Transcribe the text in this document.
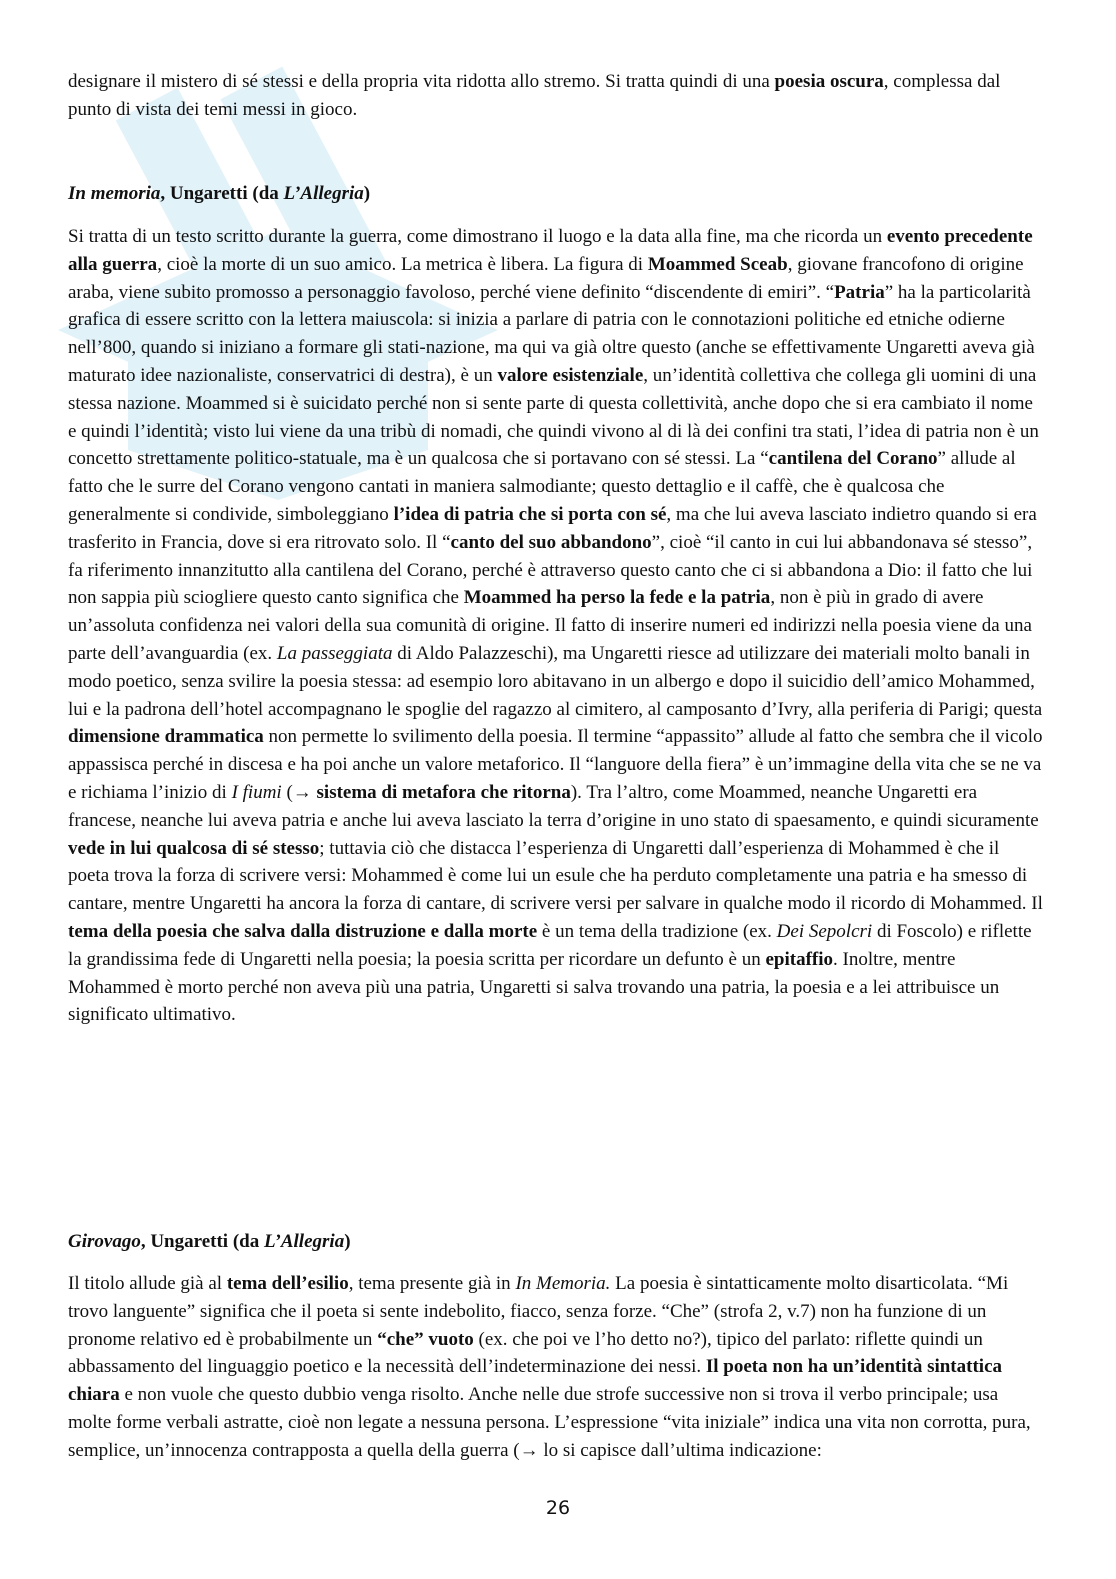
designare il mistero di sé stessi e della propria vita ridotta allo stremo. Si tratta quindi di una poesia oscura, complessa dal punto di vista dei temi messi in gioco.

In memoria, Ungaretti (da L’Allegria)

Si tratta di un testo scritto durante la guerra, come dimostrano il luogo e la data alla fine, ma che ricorda un evento precedente alla guerra, cioè la morte di un suo amico. La metrica è libera. La figura di Moammed Sceab, giovane francofono di origine araba, viene subito promosso a personaggio favoloso, perché viene definito “discendente di emiri”. “Patria” ha la particolarità grafica di essere scritto con la lettera maiuscola: si inizia a parlare di patria con le connotazioni politiche ed etniche odierne nell’800, quando si iniziano a formare gli stati-nazione, ma qui va già oltre questo (anche se effettivamente Ungaretti aveva già maturato idee nazionaliste, conservatrici di destra), è un valore esistenziale, un’identità collettiva che collega gli uomini di una stessa nazione. Moammed si è suicidato perché non si sente parte di questa collettività, anche dopo che si era cambiato il nome e quindi l’identità; visto lui viene da una tribù di nomadi, che quindi vivono al di là dei confini tra stati, l’idea di patria non è un concetto strettamente politico-statuale, ma è un qualcosa che si portavano con sé stessi. La “cantilena del Corano” allude al fatto che le surre del Corano vengono cantati in maniera salmodiante; questo dettaglio e il caffè, che è qualcosa che generalmente si condivide, simboleggiano l’idea di patria che si porta con sé, ma che lui aveva lasciato indietro quando si era trasferito in Francia, dove si era ritrovato solo. Il “canto del suo abbandono”, cioè “il canto in cui lui abbandonava sé stesso”, fa riferimento innanzitutto alla cantilena del Corano, perché è attraverso questo canto che ci si abbandona a Dio: il fatto che lui non sappia più sciogliere questo canto significa che Moammed ha perso la fede e la patria, non è più in grado di avere un’assoluta confidenza nei valori della sua comunità di origine. Il fatto di inserire numeri ed indirizzi nella poesia viene da una parte dell’avanguardia (ex. La passeggiata di Aldo Palazzeschi), ma Ungaretti riesce ad utilizzare dei materiali molto banali in modo poetico, senza svilire la poesia stessa: ad esempio loro abitavano in un albergo e dopo il suicidio dell’amico Mohammed, lui e la padrona dell’hotel accompagnano le spoglie del ragazzo al cimitero, al camposanto d’Ivry, alla periferia di Parigi; questa dimensione drammatica non permette lo svilimento della poesia. Il termine “appassito” allude al fatto che sembra che il vicolo appassisca perché in discesa e ha poi anche un valore metaforico. Il “languore della fiera” è un’immagine della vita che se ne va e richiama l’inizio di I fiumi (→ sistema di metafora che ritorna). Tra l’altro, come Moammed, neanche Ungaretti era francese, neanche lui aveva patria e anche lui aveva lasciato la terra d’origine in uno stato di spaesamento, e quindi sicuramente vede in lui qualcosa di sé stesso; tuttavia ciò che distacca l’esperienza di Ungaretti dall’esperienza di Mohammed è che il poeta trova la forza di scrivere versi: Mohammed è come lui un esule che ha perduto completamente una patria e ha smesso di cantare, mentre Ungaretti ha ancora la forza di cantare, di scrivere versi per salvare in qualche modo il ricordo di Mohammed. Il tema della poesia che salva dalla distruzione e dalla morte è un tema della tradizione (ex. Dei Sepolcri di Foscolo) e riflette la grandissima fede di Ungaretti nella poesia; la poesia scritta per ricordare un defunto è un epitaffio. Inoltre, mentre Mohammed è morto perché non aveva più una patria, Ungaretti si salva trovando una patria, la poesia e a lei attribuisce un significato ultimativo.

Girovago, Ungaretti (da L’Allegria)

Il titolo allude già al tema dell’esilio, tema presente già in In Memoria. La poesia è sintatticamente molto disarticolata. “Mi trovo languente” significa che il poeta si sente indebolito, fiacco, senza forze. “Che” (strofa 2, v.7) non ha funzione di un pronome relativo ed è probabilmente un “che” vuoto (ex. che poi ve l’ho detto no?), tipico del parlato: riflette quindi un abbassamento del linguaggio poetico e la necessità dell’indeterminazione dei nessi. Il poeta non ha un’identità sintattica chiara e non vuole che questo dubbio venga risolto. Anche nelle due strofe successive non si trova il verbo principale; usa molte forme verbali astratte, cioè non legate a nessuna persona. L’espressione “vita iniziale” indica una vita non corrotta, pura, semplice, un’innocenza contrapposta a quella della guerra (→ lo si capisce dall’ultima indicazione:

26
